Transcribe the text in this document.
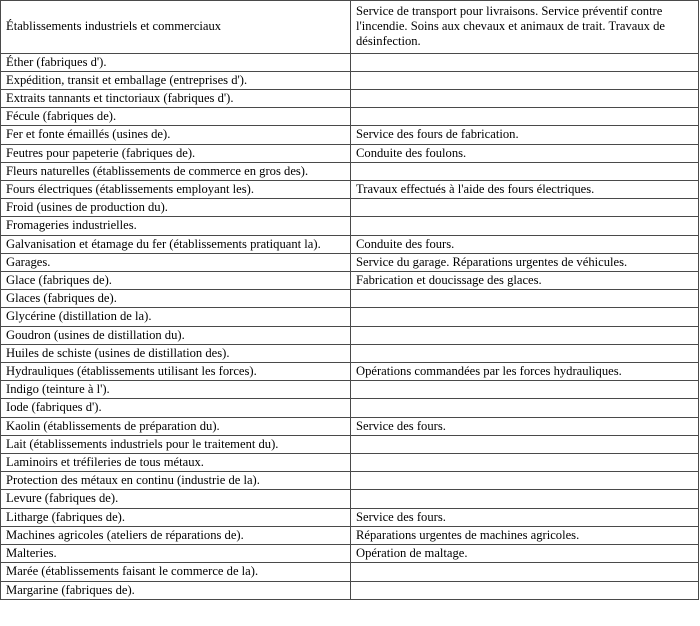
Établissements industriels et commerciaux	Service de transport pour livraisons. Service préventif contre l'incendie. Soins aux chevaux et animaux de trait. Travaux de désinfection.
Éther (fabriques d').	
Expédition, transit et emballage (entreprises d').	
Extraits tannants et tinctoriaux (fabriques d').	
Fécule (fabriques de).	
Fer et fonte émaillés (usines de).	Service des fours de fabrication.
Feutres pour papeterie (fabriques de).	Conduite des foulons.
Fleurs naturelles (établissements de commerce en gros des).	
Fours électriques (établissements employant les).	Travaux effectués à l'aide des fours électriques.
Froid (usines de production du).	
Fromageries industrielles.	
Galvanisation et étamage du fer (établissements pratiquant la).	Conduite des fours.
Garages.	Service du garage. Réparations urgentes de véhicules.
Glace (fabriques de).	Fabrication et doucissage des glaces.
Glaces (fabriques de).	
Glycérine (distillation de la).	
Goudron (usines de distillation du).	
Huiles de schiste (usines de distillation des).	
Hydrauliques (établissements utilisant les forces).	Opérations commandées par les forces hydrauliques.
Indigo (teinture à l').	
Iode (fabriques d').	
Kaolin (établissements de préparation du).	Service des fours.
Lait (établissements industriels pour le traitement du).	
Laminoirs et tréfileries de tous métaux.	
Protection des métaux en continu (industrie de la).	
Levure (fabriques de).	
Litharge (fabriques de).	Service des fours.
Machines agricoles (ateliers de réparations de).	Réparations urgentes de machines agricoles.
Malteries.	Opération de maltage.
Marée (établissements faisant le commerce de la).	
Margarine (fabriques de).	
